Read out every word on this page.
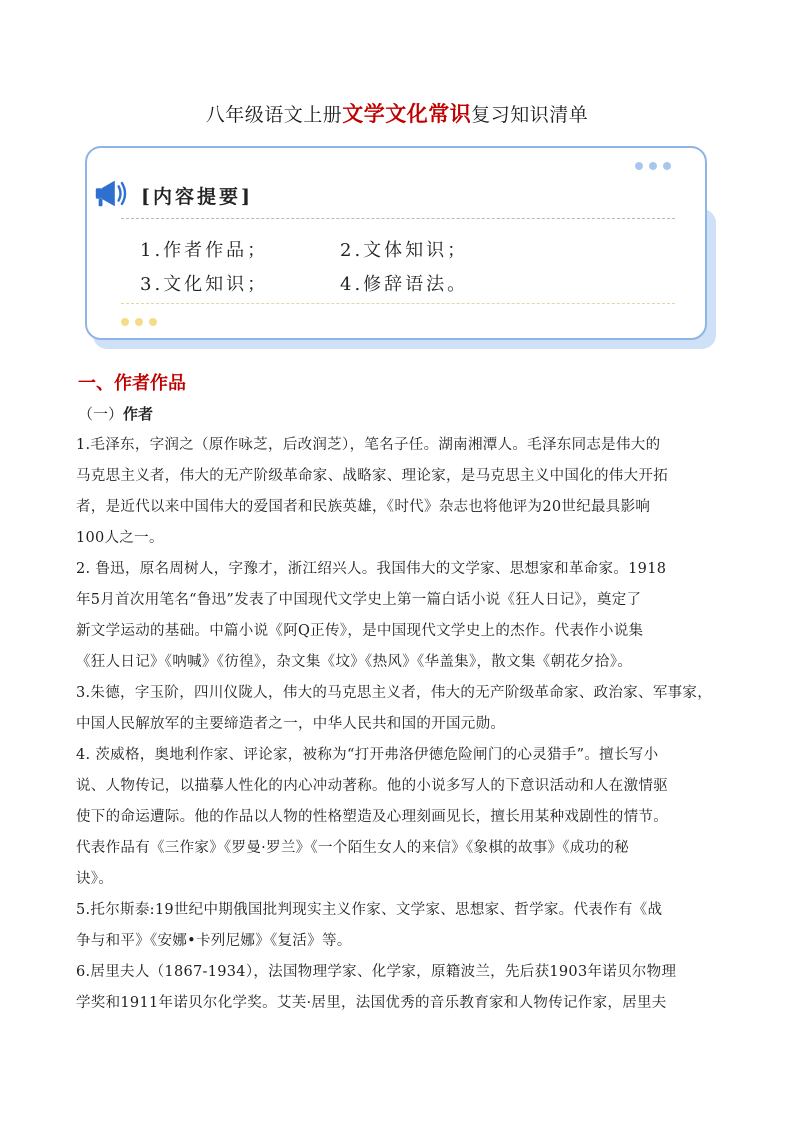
八年级语文上册文学文化常识复习知识清单
[内容提要]
1.作者作品；	2.文体知识；
3.文化知识；	4.修辞语法。
一、作者作品
（一）作者
1.毛泽东，字润之（原作咏芝，后改润芝），笔名子任。湖南湘潭人。毛泽东同志是伟大的
马克思主义者，伟大的无产阶级革命家、战略家、理论家，是马克思主义中国化的伟大开拓
者，是近代以来中国伟大的爱国者和民族英雄，《时代》杂志也将他评为20世纪最具影响
100人之一。
2. 鲁迅，原名周树人，字豫才，浙江绍兴人。我国伟大的文学家、思想家和革命家。1918
年5月首次用笔名“鲁迅”发表了中国现代文学史上第一篇白话小说《狂人日记》，奠定了
新文学运动的基础。中篇小说《阿Q正传》，是中国现代文学史上的杰作。代表作小说集
《狂人日记》《呐喊》《彷徨》，杂文集《坟》《热风》《华盖集》，散文集《朝花夕拾》。
3.朱德，字玉阶，四川仪陇人，伟大的马克思主义者，伟大的无产阶级革命家、政治家、军事家，
中国人民解放军的主要缔造者之一，中华人民共和国的开国元勋。
4. 茨威格，奥地利作家、评论家，被称为“打开弗洛伊德危险闸门的心灵猎手”。擅长写小
说、人物传记，以描摹人性化的内心冲动著称。他的小说多写人的下意识活动和人在激情驱
使下的命运遭际。他的作品以人物的性格塑造及心理刻画见长，擅长用某种戏剧性的情节。
代表作品有《三作家》《罗曼·罗兰》《一个陌生女人的来信》《象棋的故事》《成功的秘
诀》。
5.托尔斯泰:19世纪中期俄国批判现实主义作家、文学家、思想家、哲学家。代表作有《战
争与和平》《安娜•卡列尼娜》《复活》等。
6.居里夫人（1867-1934），法国物理学家、化学家，原籍波兰，先后获1903年诺贝尔物理
学奖和1911年诺贝尔化学奖。艾芙·居里，法国优秀的音乐教育家和人物传记作家，居里夫
